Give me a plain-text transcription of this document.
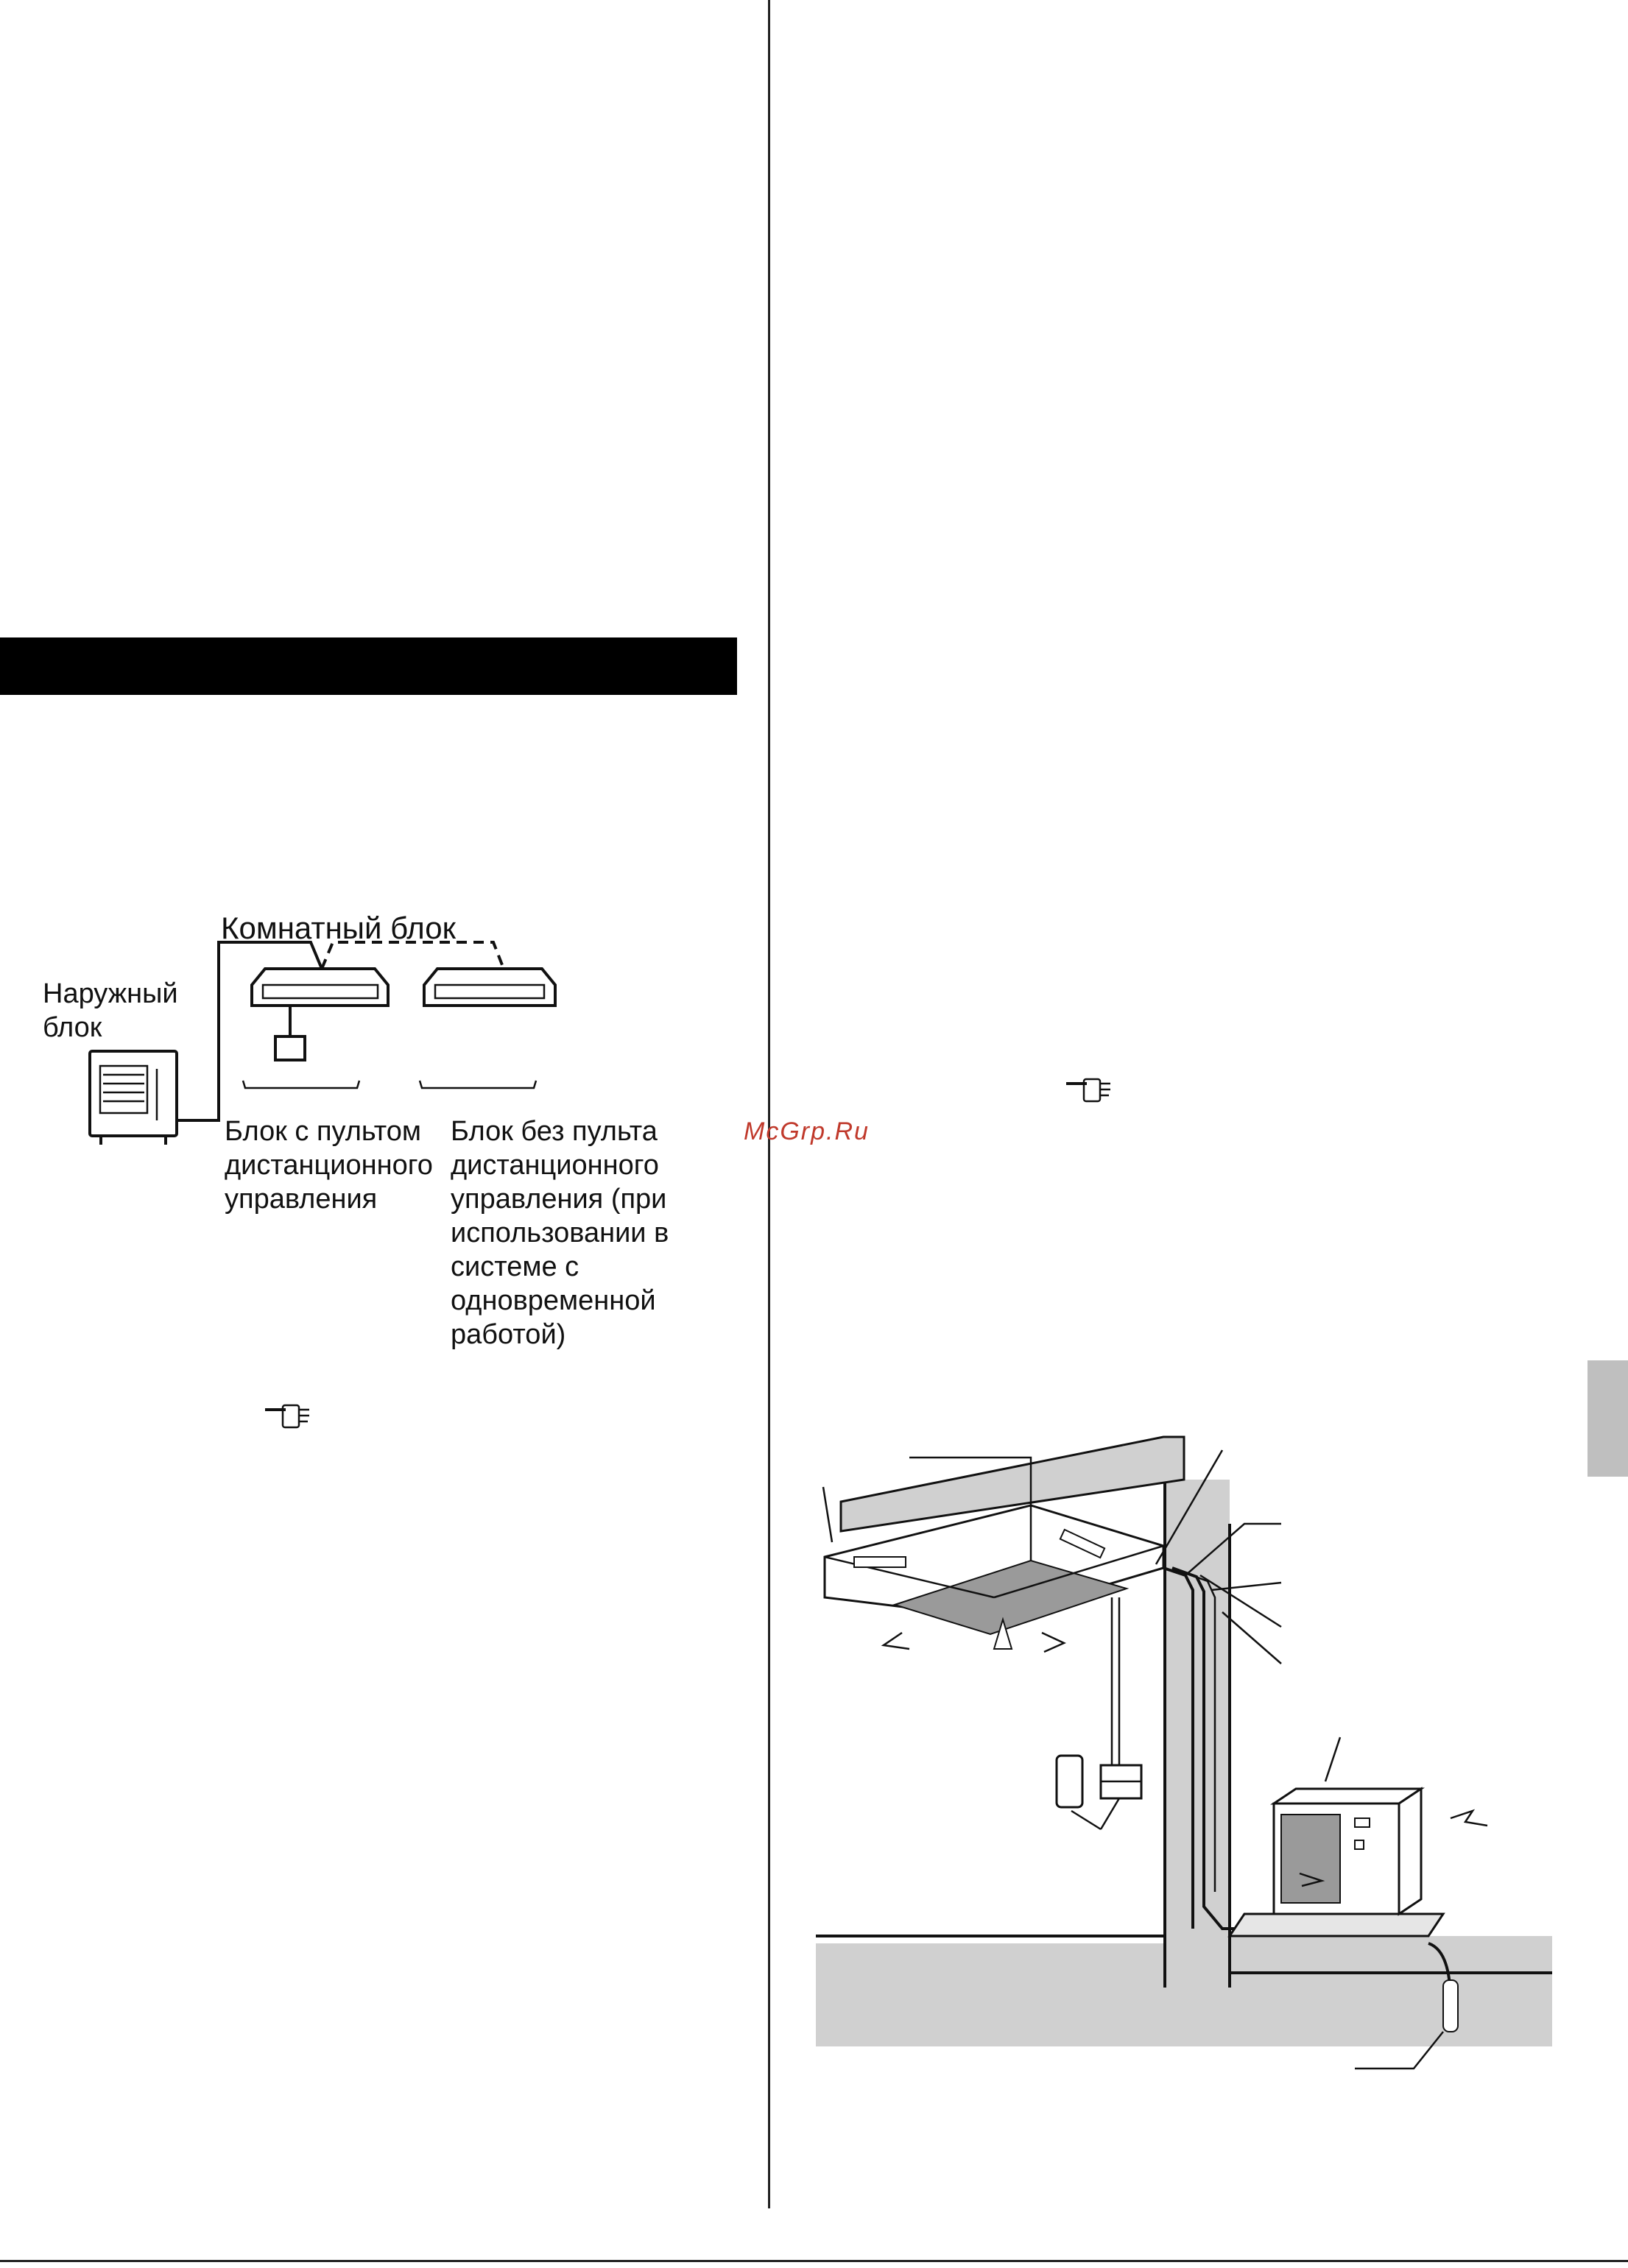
Комнатный блок
Наружный
блок
Блок с пультом
дистанционного
управления
Блок без пульта
дистанционного
управления (при
использовании в
системе с
одновременной
работой)
McGrp.Ru
